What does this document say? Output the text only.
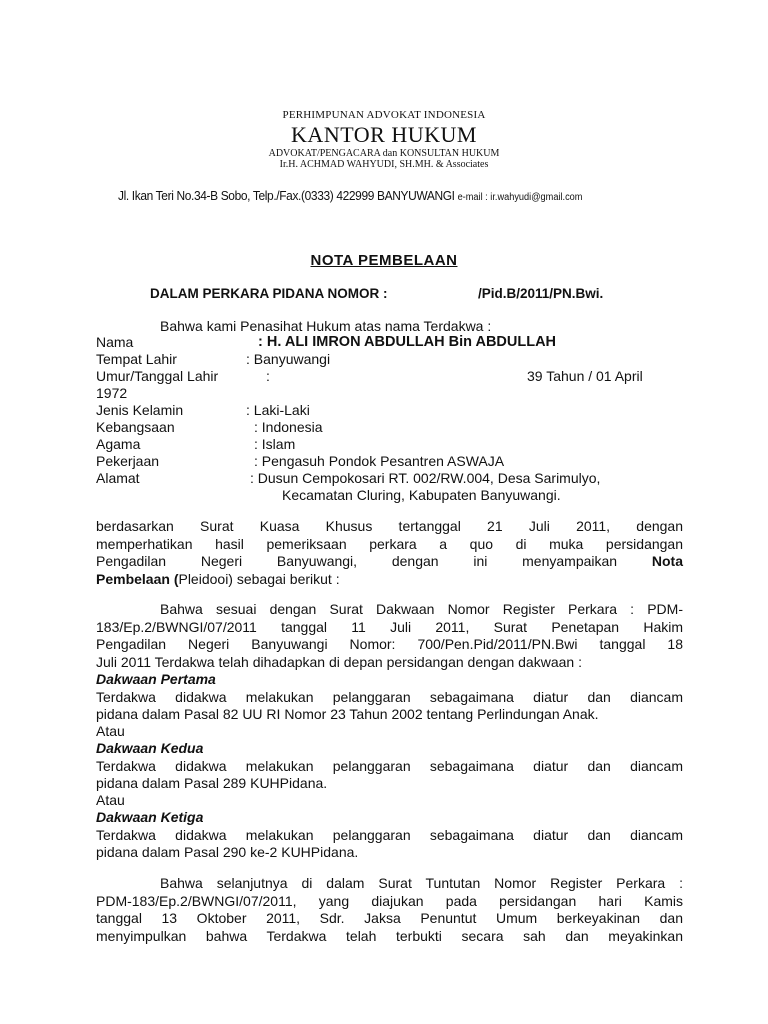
PERHIMPUNAN ADVOKAT INDONESIA
KANTOR HUKUM
ADVOKAT/PENGACARA dan KONSULTAN HUKUM
Ir.H. ACHMAD WAHYUDI, SH.MH. & Associates
Jl. Ikan Teri No.34-B Sobo, Telp./Fax.(0333) 422999 BANYUWANGI e-mail : ir.wahyudi@gmail.com
NOTA PEMBELAAN
DALAM PERKARA PIDANA NOMOR :	/Pid.B/2011/PN.Bwi.
Bahwa kami Penasihat Hukum atas nama Terdakwa :
Nama	: H. ALI IMRON ABDULLAH Bin ABDULLAH
Tempat Lahir	: Banyuwangi
Umur/Tanggal Lahir	:	39 Tahun / 01 April
1972
Jenis Kelamin	: Laki-Laki
Kebangsaan	: Indonesia
Agama	: Islam
Pekerjaan	: Pengasuh Pondok Pesantren ASWAJA
Alamat	: Dusun Cempokosari RT. 002/RW.004, Desa Sarimulyo,
Kecamatan Cluring, Kabupaten Banyuwangi.
berdasarkan Surat Kuasa Khusus tertanggal 21 Juli 2011, dengan
memperhatikan hasil pemeriksaan perkara a quo di muka persidangan
Pengadilan Negeri Banyuwangi, dengan ini menyampaikan Nota
Pembelaan (Pleidooi) sebagai berikut :
Bahwa sesuai dengan Surat Dakwaan Nomor Register Perkara : PDM-
183/Ep.2/BWNGI/07/2011 tanggal 11 Juli 2011, Surat Penetapan Hakim
Pengadilan Negeri Banyuwangi Nomor: 700/Pen.Pid/2011/PN.Bwi tanggal 18
Juli 2011 Terdakwa telah dihadapkan di depan persidangan dengan dakwaan :
Dakwaan Pertama
Terdakwa didakwa melakukan pelanggaran sebagaimana diatur dan diancam
pidana dalam Pasal 82 UU RI Nomor 23 Tahun 2002 tentang Perlindungan Anak.
Atau
Dakwaan Kedua
Terdakwa didakwa melakukan pelanggaran sebagaimana diatur dan diancam
pidana dalam Pasal 289 KUHPidana.
Atau
Dakwaan Ketiga
Terdakwa didakwa melakukan pelanggaran sebagaimana diatur dan diancam
pidana dalam Pasal 290 ke-2 KUHPidana.
Bahwa selanjutnya di dalam Surat Tuntutan Nomor Register Perkara :
PDM-183/Ep.2/BWNGI/07/2011, yang diajukan pada persidangan hari Kamis
tanggal 13 Oktober 2011, Sdr. Jaksa Penuntut Umum berkeyakinan dan
menyimpulkan bahwa Terdakwa telah terbukti secara sah dan meyakinkan
